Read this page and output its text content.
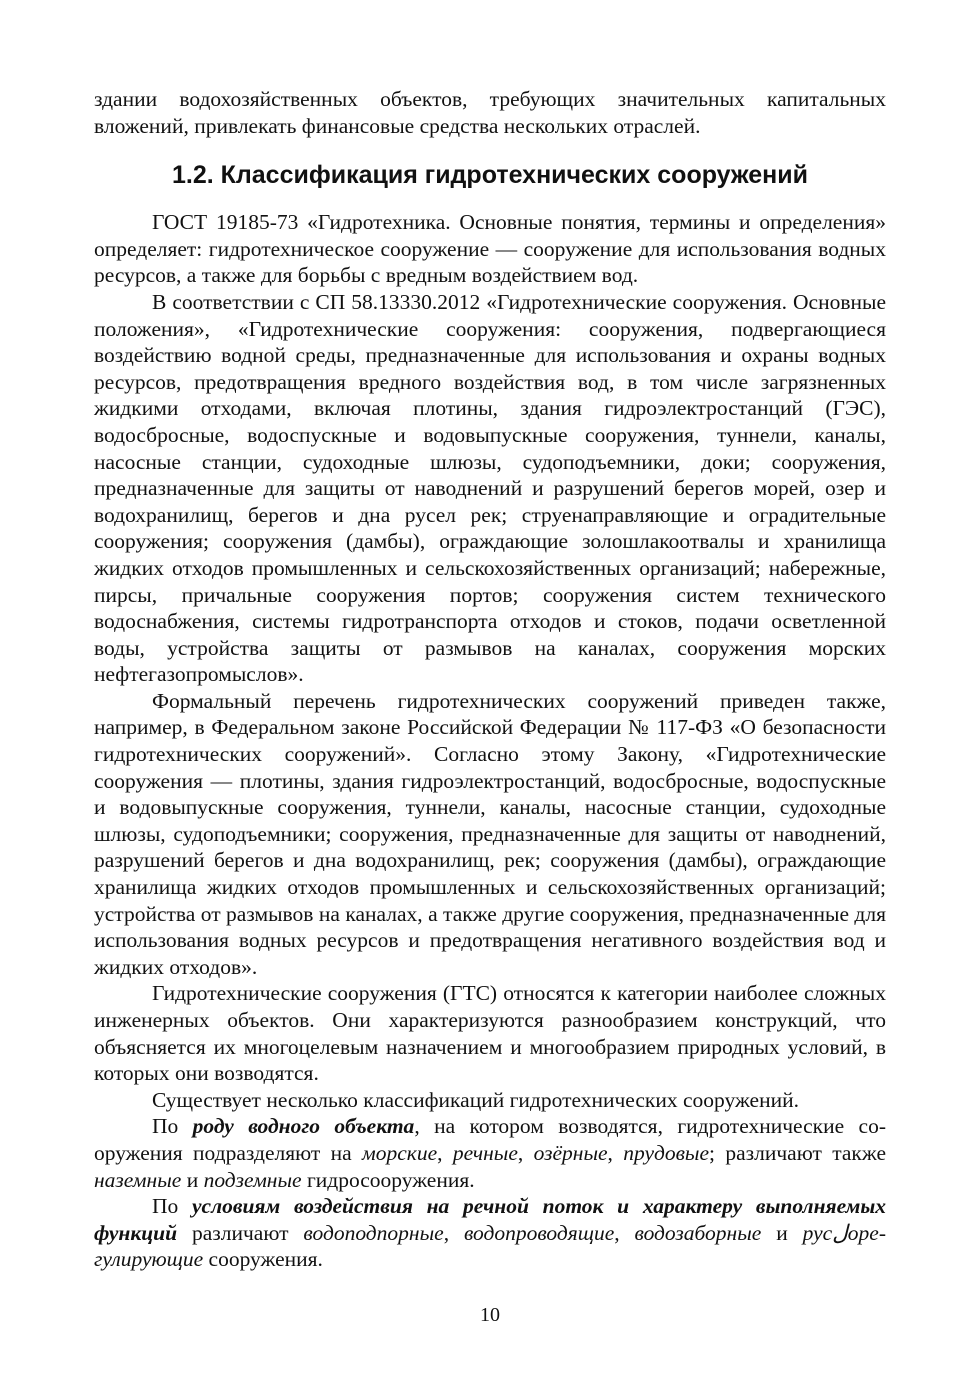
здании водохозяйственных объектов, требующих значительных капитальных вложений, привлекать финансовые средства нескольких отраслей.

1.2. Классификация гидротехнических сооружений

ГОСТ 19185-73 «Гидротехника. Основные понятия, термины и определения» определяет: гидротехническое сооружение — сооружение для использования водных ресурсов, а также для борьбы с вредным воздействием вод.

В соответствии с СП 58.13330.2012 «Гидротехнические сооружения. Основные положения», «Гидротехнические сооружения: сооружения, подвергающиеся воздействию водной среды, предназначенные для использования и охраны водных ресурсов, предотвращения вредного воздействия вод, в том числе загрязненных жидкими отходами, включая плотины, здания гидроэлектростанций (ГЭС), водосбросные, водоспускные и водовыпускные сооружения, туннели, каналы, насосные станции, судоходные шлюзы, судоподъемники, доки; сооружения, предназначенные для защиты от наводнений и разрушений берегов морей, озер и водохранилищ, берегов и дна русел рек; струенаправляющие и оградительные сооружения; сооружения (дамбы), ограждающие золошлакоотвалы и хранилища жидких отходов промышленных и сельскохозяйственных организаций; набережные, пирсы, причальные сооружения портов; сооружения систем технического водоснабжения, системы гидротранспорта отходов и стоков, подачи осветленной воды, устройства защиты от размывов на каналах, сооружения морских нефтегазопромыслов».

Формальный перечень гидротехнических сооружений приведен также, например, в Федеральном законе Российской Федерации № 117-ФЗ «О безопасности гидротехнических сооружений». Согласно этому Закону, «Гидротехнические сооружения — плотины, здания гидроэлектростанций, водосбросные, водоспускные и водовыпускные сооружения, туннели, каналы, насосные станции, судоходные шлюзы, судоподъемники; сооружения, предназначенные для защиты от наводнений, разрушений берегов и дна водохранилищ, рек; сооружения (дамбы), ограждающие хранилища жидких отходов промышленных и сельскохозяйственных организаций; устройства от размывов на каналах, а также другие сооружения, предназначенные для использования водных ресурсов и предотвращения негативного воздействия вод и жидких отходов».

Гидротехнические сооружения (ГТС) относятся к категории наиболее сложных инженерных объектов. Они характеризуются разнообразием конструкций, что объясняется их многоцелевым назначением и многообразием природных условий, в которых они возводятся.

Существует несколько классификаций гидротехнических сооружений.

По роду водного объекта, на котором возводятся, гидротехнические сооружения подразделяют на морские, речные, озёрные, прудовые; различают также наземные и подземные гидросооружения.

По условиям воздействия на речной поток и характеру выполняемых функций различают водоподпорные, водопроводящие, водозаборные и русلорегулирующие сооружения.

10
